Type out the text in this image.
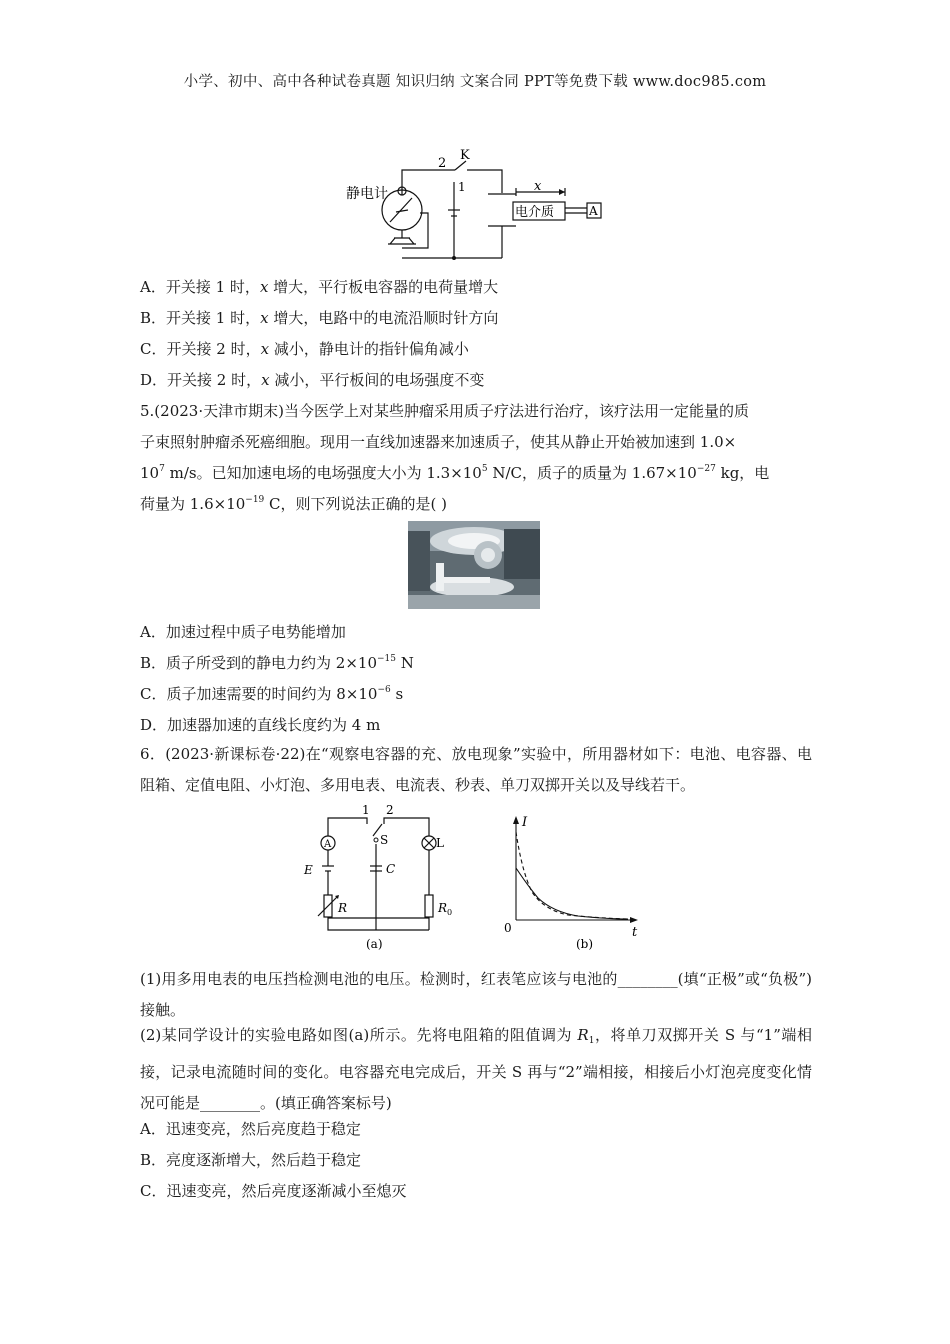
小学、初中、高中各种试卷真题 知识归纳 文案合同 PPT等免费下载 www.doc985.com
静电计
2
K
1	x
电介质	A
A．开关接 1 时，x 增大，平行板电容器的电荷量增大
B．开关接 1 时，x 增大，电路中的电流沿顺时针方向
C．开关接 2 时，x 减小，静电计的指针偏角减小
D．开关接 2 时，x 减小，平行板间的电场强度不变
5.(2023·天津市期末)当今医学上对某些肿瘤采用质子疗法进行治疗，该疗法用一定能量的质
子束照射肿瘤杀死癌细胞。现用一直线加速器来加速质子，使其从静止开始被加速到 1.0×
$10^7$ m/s。已知加速电场的电场强度大小为 $1.3\times 10^5$ N/C，质子的质量为 $1.67\times 10^{-27}$ kg，电
荷量为 $1.6\times 10^{-19}$ C，则下列说法正确的是( )
A．加速过程中质子电势能增加
B．质子所受到的静电力约为 $2\times 10^{-15}$ N
C．质子加速需要的时间约为 $8\times 10^{-6}$ s
D．加速器加速的直线长度约为 4 m
6．(2023·新课标卷·22)在“观察电容器的充、放电现象”实验中，所用器材如下：电池、电容器、电阻箱、定值电阻、小灯泡、多用电表、电流表、秒表、单刀双掷开关以及导线若干。
1 2
A	S	L
E	C
R	$R_0$
(a)
I
0	t
(b)
(1)用多用电表的电压挡检测电池的电压。检测时，红表笔应该与电池的________(填“正极”或“负极”)接触。
(2)某同学设计的实验电路如图(a)所示。先将电阻箱的阻值调为 $R_1$，将单刀双掷开关 S 与“1”端相接，记录电流随时间的变化。电容器充电完成后，开关 S 再与“2”端相接，相接后小灯泡亮度变化情况可能是________。(填正确答案标号)
A．迅速变亮，然后亮度趋于稳定
B．亮度逐渐增大，然后趋于稳定
C．迅速变亮，然后亮度逐渐减小至熄灭
